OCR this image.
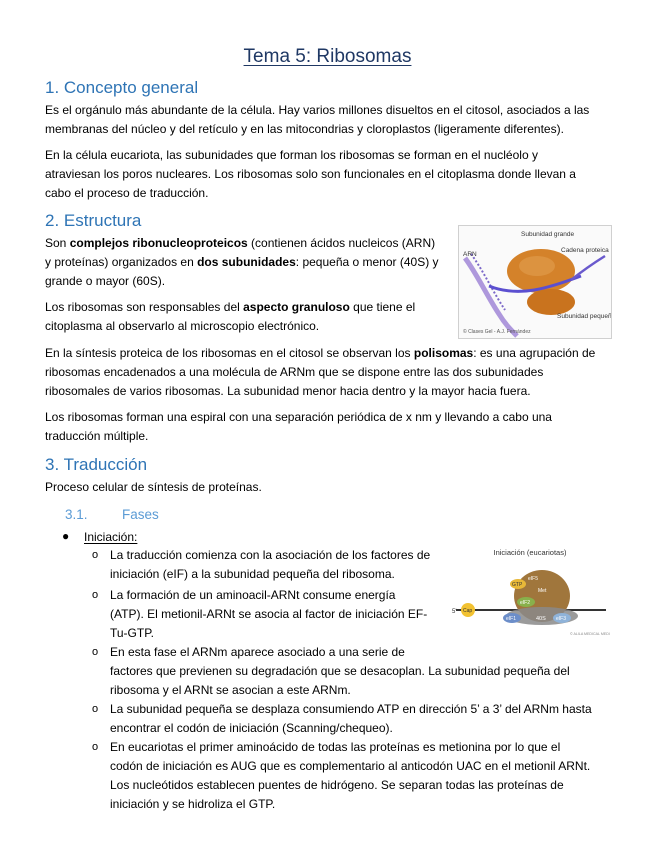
Tema 5: Ribosomas
1. Concepto general
Es el orgánulo más abundante de la célula. Hay varios millones disueltos en el citosol, asociados a las
membranas del núcleo y del retículo y en las mitocondrias y cloroplastos (ligeramente diferentes).
En la célula eucariota, las subunidades que forman los ribosomas se forman en el nucléolo y
atraviesan los poros nucleares. Los ribosomas solo son funcionales en el citoplasma donde llevan a
cabo el proceso de traducción.
2. Estructura
Son complejos ribonucleoproteicos (contienen ácidos nucleicos (ARN)
y proteínas) organizados en dos subunidades: pequeña o menor (40S) y
grande o mayor (60S).
Los ribosomas son responsables del aspecto granuloso que tiene el
citoplasma al observarlo al microscopio electrónico.
Subunidad grande
Cadena proteica
ARN
Subunidad pequeña
© Clases Gel - A.J. Fernández
En la síntesis proteica de los ribosomas en el citosol se observan los polisomas: es una agrupación de
ribosomas encadenados a una molécula de ARNm que se dispone entre las dos subunidades
ribosomales de varios ribosomas. La subunidad menor hacia dentro y la mayor hacia fuera.
Los ribosomas forman una espiral con una separación periódica de x nm y llevando a cabo una
traducción múltiple.
3. Traducción
Proceso celular de síntesis de proteínas.
3.1.	Fases
● Iniciación:
o La traducción comienza con la asociación de los factores de
iniciación (eIF) a la subunidad pequeña del ribosoma.
o La formación de un aminoacil-ARNt consume energía
(ATP). El metionil-ARNt se asocia al factor de iniciación EF-
Tu-GTP.
o En esta fase el ARNm aparece asociado a una serie de
factores que previenen su degradación que se desacoplan. La subunidad pequeña del
ribosoma y el ARNt se asocian a este ARNm.
o La subunidad pequeña se desplaza consumiendo ATP en dirección 5’ a 3’ del ARNm hasta
encontrar el codón de iniciación (Scanning/chequeo).
o En eucariotas el primer aminoácido de todas las proteínas es metionina por lo que el
codón de iniciación es AUG que es complementario al anticodón UAC en el metionil ARNt.
Los nucleótidos establecen puentes de hidrógeno. Se separan todas las proteínas de
iniciación y se hidroliza el GTP.
Iniciación (eucariotas)
5' Cap
GTP
eIF5
eIF2
Met
eIF1	40S eIF3
© ALILA MEDICAL MEDIA
